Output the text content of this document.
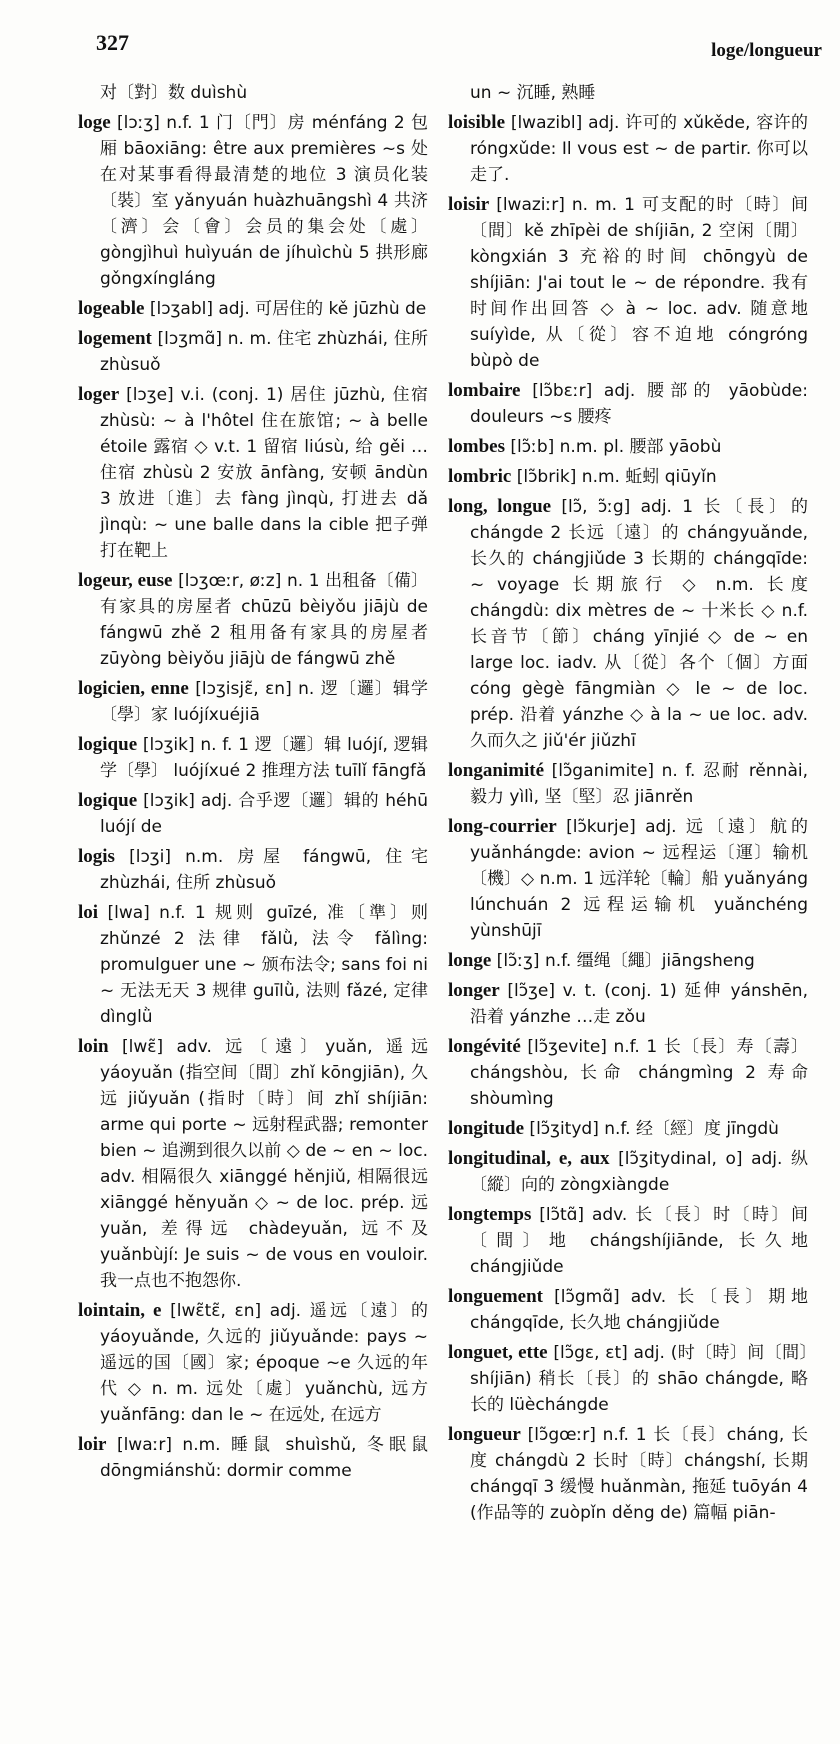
327	loge/longueur

对〔對〕数 duìshù

loge [lɔːʒ] n.f. 1 门〔門〕房 ménfáng 2 包厢 bāoxiāng: être aux premières ~s 处在对某事看得最清楚的地位 3 演员化装〔裝〕室 yǎnyuán huàzhuāngshì 4 共济〔濟〕会〔會〕会员的集会处〔處〕gòngjìhuì huìyuán de jíhuìchù 5 拱形廊 gǒngxíngláng

logeable [lɔʒabl] adj. 可居住的 kě jūzhù de

logement [lɔʒmɑ̃] n. m. 住宅 zhùzhái, 住所 zhùsuǒ

loger [lɔʒe] v.i. (conj. 1) 居住 jūzhù, 住宿 zhùsù: ~ à l'hôtel 住在旅馆; ~ à belle étoile 露宿 ◇ v.t. 1 留宿 liúsù, 给 gěi … 住宿 zhùsù 2 安放 ānfàng, 安顿 āndùn 3 放进〔進〕去 fàng jìnqù, 打进去 dǎ jìnqù: ~ une balle dans la cible 把子弹打在靶上

logeur, euse [lɔʒœːr, øːz] n. 1 出租备〔備〕有家具的房屋者 chūzū bèiyǒu jiājù de fángwū zhě 2 租用备有家具的房屋者 zūyòng bèiyǒu jiājù de fángwū zhě

logicien, enne [lɔʒisjɛ̃, ɛn] n. 逻〔邏〕辑学〔學〕家 luójíxuéjiā

logique [lɔʒik] n. f. 1 逻〔邏〕辑 luójí, 逻辑学〔學〕 luójíxué 2 推理方法 tuīlǐ fāngfǎ

logique [lɔʒik] adj. 合乎逻〔邏〕辑的 héhū luójí de

logis [lɔʒi] n.m. 房屋 fángwū, 住宅 zhùzhái, 住所 zhùsuǒ

loi [lwa] n.f. 1 规则 guīzé, 准〔準〕则 zhǔnzé 2 法律 fǎlǜ, 法令 fǎlìng: promulguer une ~ 颁布法令; sans foi ni ~ 无法无天 3 规律 guīlǜ, 法则 fǎzé, 定律 dìnglǜ

loin [lwɛ̃] adv. 远〔遠〕yuǎn, 遥远 yáoyuǎn (指空间〔間〕zhǐ kōngjiān), 久远 jiǔyuǎn (指时〔時〕间 zhǐ shíjiān: arme qui porte ~ 远射程武器; remonter bien ~ 追溯到很久以前 ◇ de ~ en ~ loc. adv. 相隔很久 xiānggé hěnjiǔ, 相隔很远 xiānggé hěnyuǎn ◇ ~ de loc. prép. 远 yuǎn, 差得远 chàdeyuǎn, 远不及 yuǎnbùjí: Je suis ~ de vous en vouloir. 我一点也不抱怨你.

lointain, e [lwɛ̃tɛ̃, ɛn] adj. 遥远〔遠〕的 yáoyuǎnde, 久远的 jiǔyuǎnde: pays ~ 遥远的国〔國〕家; époque ~e 久远的年代 ◇ n. m. 远处〔處〕yuǎnchù, 远方 yuǎnfāng: dan le ~ 在远处, 在远方

loir [lwaːr] n.m. 睡鼠 shuìshǔ, 冬眠鼠 dōngmiánshǔ: dormir comme

un ~ 沉睡, 熟睡

loisible [lwazibl] adj. 许可的 xǔkěde, 容许的 róngxǔde: Il vous est ~ de partir. 你可以走了.

loisir [lwaziːr] n. m. 1 可支配的时〔時〕间〔間〕kě zhīpèi de shíjiān, 2 空闲〔閒〕kòngxián 3 充裕的时间 chōngyù de shíjiān: J'ai tout le ~ de répondre. 我有时间作出回答 ◇ à ~ loc. adv. 随意地 suíyìde, 从〔從〕容不迫地 cóngróng bùpò de

lombaire [lɔ̃bɛːr] adj. 腰部的 yāobùde: douleurs ~s 腰疼

lombes [lɔ̃ːb] n.m. pl. 腰部 yāobù

lombric [lɔ̃brik] n.m. 蚯蚓 qiūyǐn

long, longue [lɔ̃, ɔ̃ːg] adj. 1 长〔長〕的 chángde 2 长远〔遠〕的 chángyuǎnde, 长久的 chángjiǔde 3 长期的 chángqīde: ~ voyage 长期旅行 ◇ n.m. 长度 chángdù: dix mètres de ~ 十米长 ◇ n.f. 长音节〔節〕cháng yīnjié ◇ de ~ en large loc. iadv. 从〔從〕各个〔個〕方面 cóng gègè fāngmiàn ◇ le ~ de loc. prép. 沿着 yánzhe ◇ à la ~ ue loc. adv. 久而久之 jiǔ'ér jiǔzhī

longanimité [lɔ̃ganimite] n. f. 忍耐 rěnnài, 毅力 yìlì, 坚〔堅〕忍 jiānrěn

long-courrier [lɔ̃kurje] adj. 远〔遠〕航的 yuǎnhángde: avion ~ 远程运〔運〕输机〔機〕◇ n.m. 1 远洋轮〔輪〕船 yuǎnyáng lúnchuán 2 远程运输机 yuǎnchéng yùnshūjī

longe [lɔ̃ːʒ] n.f. 缰绳〔繩〕jiāngsheng

longer [lɔ̃ʒe] v. t. (conj. 1) 延伸 yánshēn, 沿着 yánzhe …走 zǒu

longévité [lɔ̃ʒevite] n.f. 1 长〔長〕寿〔壽〕chángshòu, 长命 chángmìng 2 寿命 shòumìng

longitude [lɔ̃ʒityd] n.f. 经〔經〕度 jīngdù

longitudinal, e, aux [lɔ̃ʒitydinal, o] adj. 纵〔縱〕向的 zòngxiàngde

longtemps [lɔ̃tɑ̃] adv. 长〔長〕时〔時〕间〔間〕地 chángshíjiānde, 长久地 chángjiǔde

longuement [lɔ̃gmɑ̃] adv. 长〔長〕期地 chángqīde, 长久地 chángjiǔde

longuet, ette [lɔ̃gɛ, ɛt] adj. (时〔時〕间〔間〕shíjiān) 稍长〔長〕的 shāo chángde, 略长的 lüèchángde

longueur [lɔ̃gœːr] n.f. 1 长〔長〕cháng, 长度 chángdù 2 长时〔時〕chángshí, 长期 chángqī 3 缓慢 huǎnmàn, 拖延 tuōyán 4 (作品等的 zuòpǐn děng de) 篇幅 piān-
